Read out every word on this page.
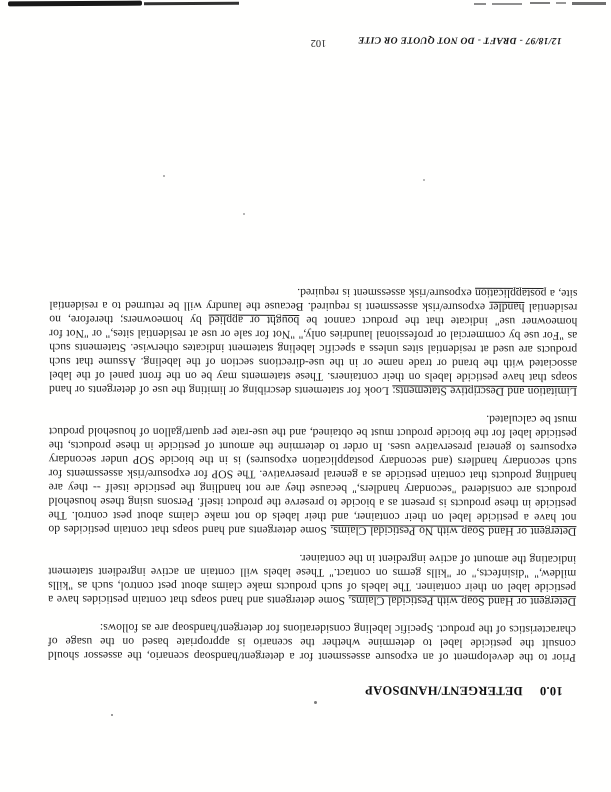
10.0DETERGENT/HANDSOAP

Prior to the development of an exposure assessment for a detergent/handsoap scenario, the assessor should consult the pesticide label to determine whether the scenario is appropriate based on the usage of characteristics of the product. Specific labeling considerations for detergent/handsoap are as follows:

Detergent or Hand Soap with Pesticidal Claims. Some detergents and hand soaps that contain pesticides have a pesticide label on their container. The labels of such products make claims about pest control, such as "kills mildew," "disinfects," or "kills germs on contact." These labels will contain an active ingredient statement indicating the amount of active ingredient in the container.

Detergent or Hand Soap with No Pesticidal Claims. Some detergents and hand soaps that contain pesticides do not have a pesticide label on their container, and their labels do not make claims about pest control. The pesticide in these products is present as a biocide to preserve the product itself. Persons using these household products are considered "secondary handlers," because they are not handling the pesticide itself -- they are handling products that contain pesticide as a general preservative. The SOP for exposure/risk assessments for such secondary handlers (and secondary postapplication exposures) is in the biocide SOP under secondary exposures to general preservative uses. In order to determine the amount of pesticide in these products, the pesticide label for the biocide product must be obtained, and the use-rate per quart/gallon of household product must be calculated.

Limitation and Descriptive Statements: Look for statements describing or limiting the use of detergents or hand soaps that have pesticide labels on their containers. These statements may be on the front panel of the label associated with the brand or trade name or in the use-directions section of the labeling. Assume that such products are used at residential sites unless a specific labeling statement indicates otherwise. Statements such as "For use by commercial or professional laundries only," "Not for sale or use at residential sites," or "Not for homeowner use" indicate that the product cannot be bought or applied by homeowners; therefore, no residential handler exposure/risk assessment is required. Because the laundry will be returned to a residential site, a postapplication exposure/risk assessment is required.

12/18/97 - DRAFT - DO NOT QUOTE OR CITE
102
